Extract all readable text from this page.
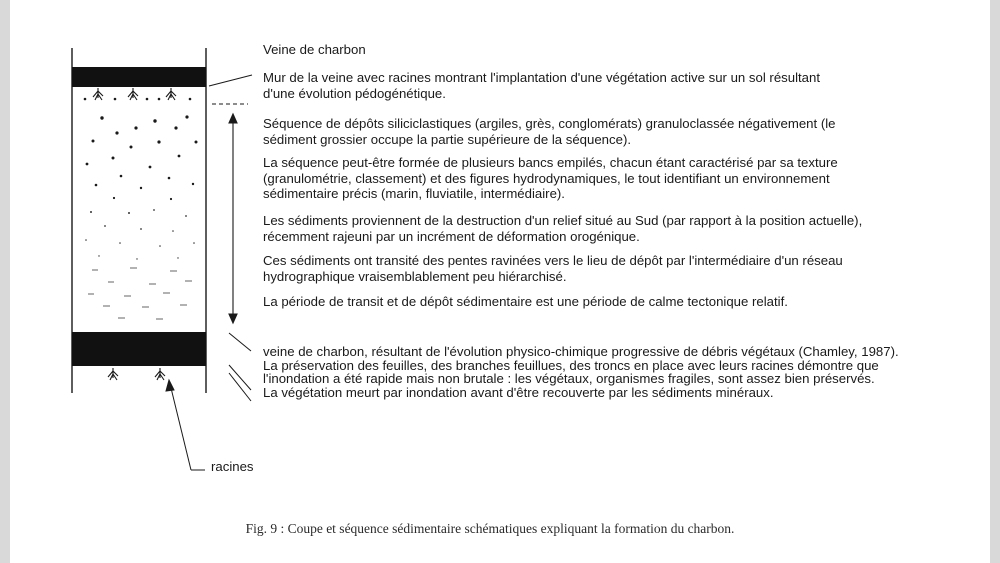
Veine de charbon
Mur de la veine avec racines montrant l'implantation d'une végétation active sur un sol résultant
d'une évolution pédogénétique.
Séquence de dépôts siliciclastiques (argiles, grès, conglomérats) granuloclassée négativement (le
sédiment grossier occupe la partie supérieure de la séquence).
La séquence peut-être formée de plusieurs bancs empilés, chacun étant caractérisé par sa texture
(granulométrie, classement) et des figures hydrodynamiques, le tout identifiant un environnement
sédimentaire précis (marin, fluviatile, intermédiaire).
Les sédiments proviennent de la destruction d'un relief situé au Sud (par rapport à la position actuelle),
récemment rajeuni par un incrément de déformation orogénique.
Ces sédiments ont transité des pentes ravinées vers le lieu de dépôt par l'intermédiaire d'un réseau
hydrographique vraisemblablement peu hiérarchisé.
La période de transit et de dépôt sédimentaire est une période de calme tectonique relatif.
veine de charbon, résultant de l'évolution physico-chimique progressive de débris végétaux (Chamley, 1987).
La préservation des feuilles, des branches feuillues, des troncs en place avec leurs racines démontre que
l'inondation a été rapide mais non brutale : les végétaux, organismes fragiles, sont assez bien préservés.
La végétation meurt par inondation avant d'être recouverte par les sédiments minéraux.
racines
Fig. 9 : Coupe et séquence sédimentaire schématiques expliquant la formation du charbon.
